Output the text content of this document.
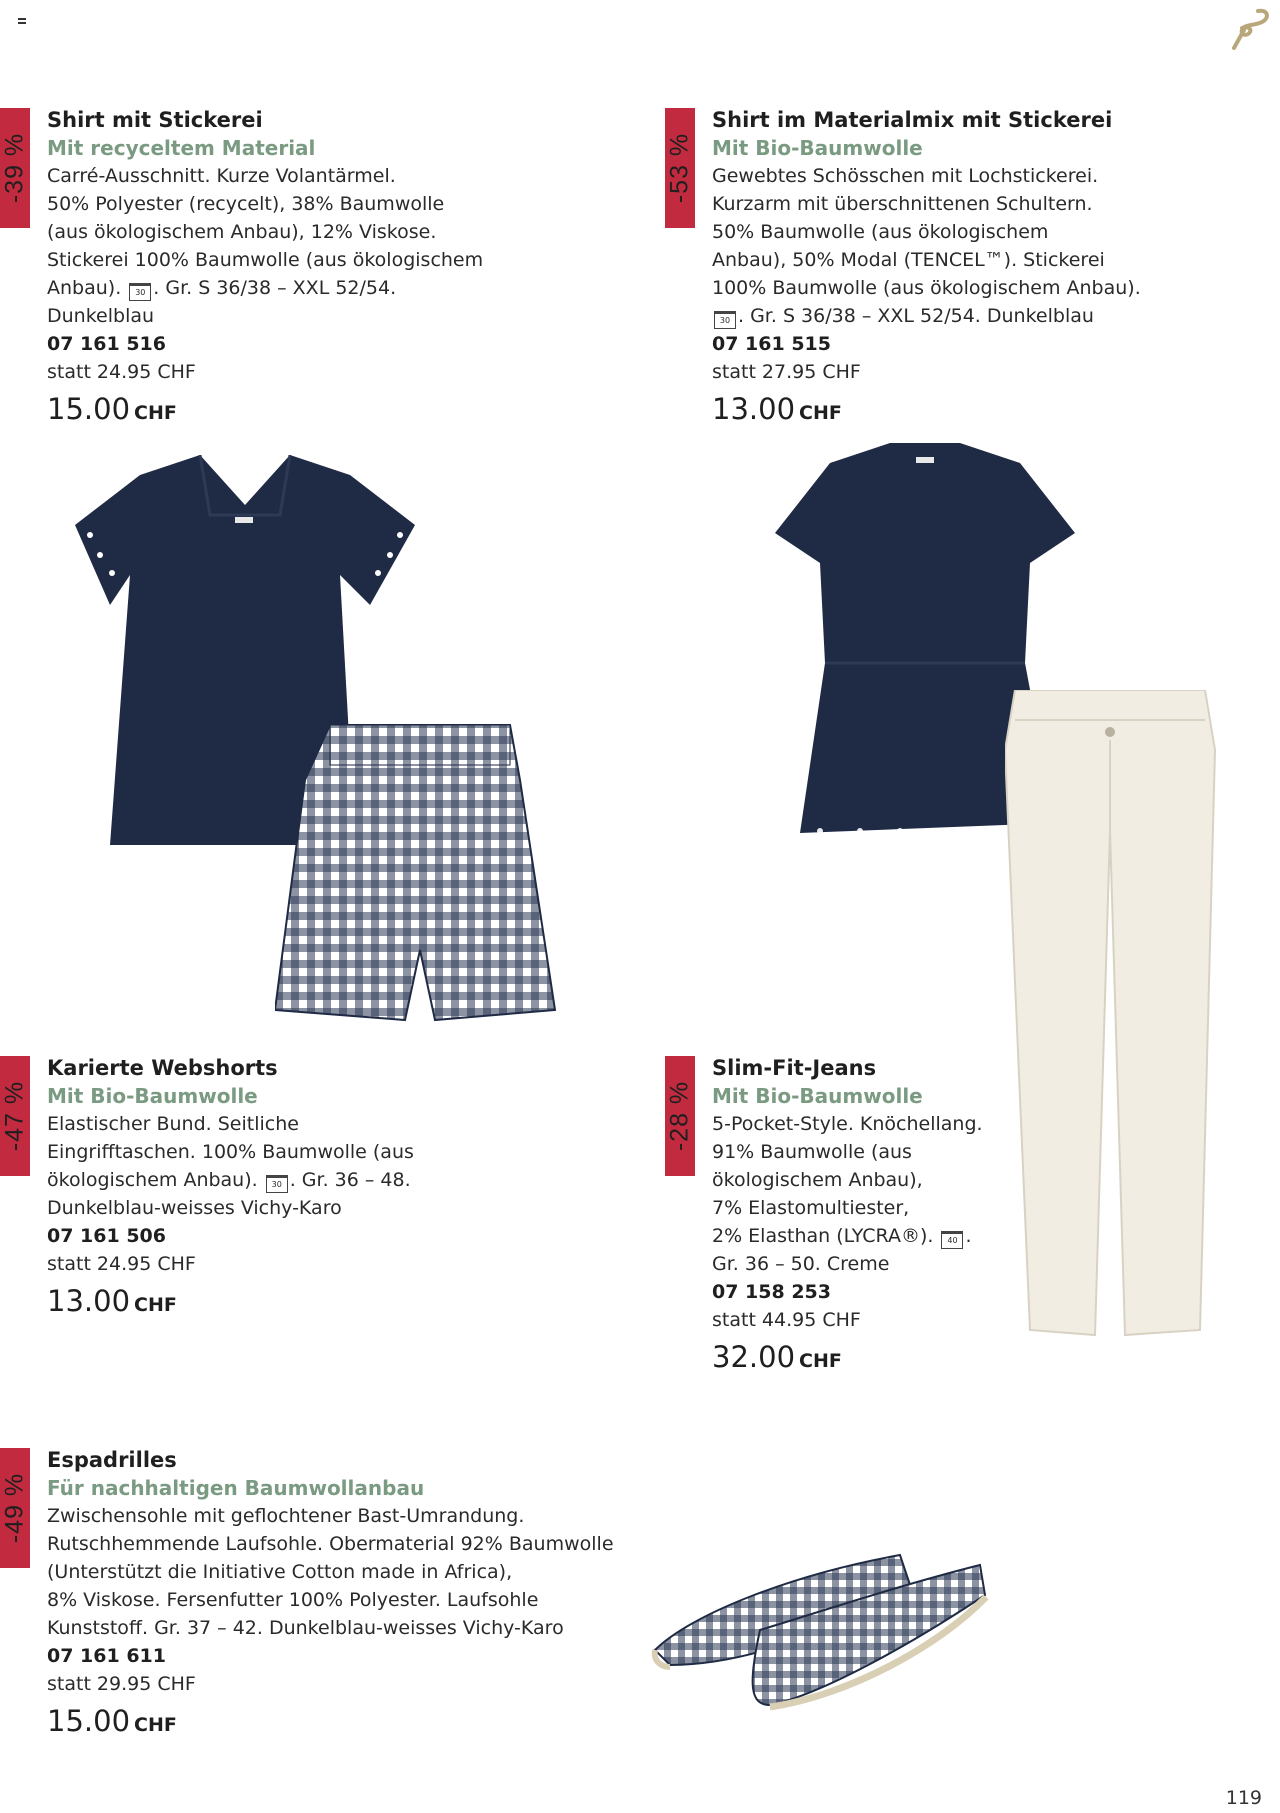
-39 %
Shirt mit Stickerei
Mit recyceltem Material
Carré-Ausschnitt. Kurze Volantärmel.
50% Polyester (recycelt), 38% Baumwolle
(aus ökologischem Anbau), 12% Viskose.
Stickerei 100% Baumwolle (aus ökologischem
Anbau). 30 . Gr. S 36/38 – XXL 52/54.
Dunkelblau
07 161 516
statt 24.95 CHF
15.00 CHF
-53 %
Shirt im Materialmix mit Stickerei
Mit Bio-Baumwolle
Gewebtes Schösschen mit Lochstickerei.
Kurzarm mit überschnittenen Schultern.
50% Baumwolle (aus ökologischem
Anbau), 50% Modal (TENCEL™). Stickerei
100% Baumwolle (aus ökologischem Anbau).
30 . Gr. S 36/38 – XXL 52/54. Dunkelblau
07 161 515
statt 27.95 CHF
13.00 CHF
-47 %
Karierte Webshorts
Mit Bio-Baumwolle
Elastischer Bund. Seitliche
Eingrifftaschen. 100% Baumwolle (aus
ökologischem Anbau). 30 . Gr. 36 – 48.
Dunkelblau-weisses Vichy-Karo
07 161 506
statt 24.95 CHF
13.00 CHF
-28 %
Slim-Fit-Jeans
Mit Bio-Baumwolle
5-Pocket-Style. Knöchellang.
91% Baumwolle (aus
ökologischem Anbau),
7% Elastomultiester,
2% Elasthan (LYCRA®). 40 .
Gr. 36 – 50. Creme
07 158 253
statt 44.95 CHF
32.00 CHF
-49 %
Espadrilles
Für nachhaltigen Baumwollanbau
Zwischensohle mit geflochtener Bast-Umrandung.
Rutschhemmende Laufsohle. Obermaterial 92% Baumwolle
(Unterstützt die Initiative Cotton made in Africa),
8% Viskose. Fersenfutter 100% Polyester. Laufsohle
Kunststoff. Gr. 37 – 42. Dunkelblau-weisses Vichy-Karo
07 161 611
statt 29.95 CHF
15.00 CHF
119
